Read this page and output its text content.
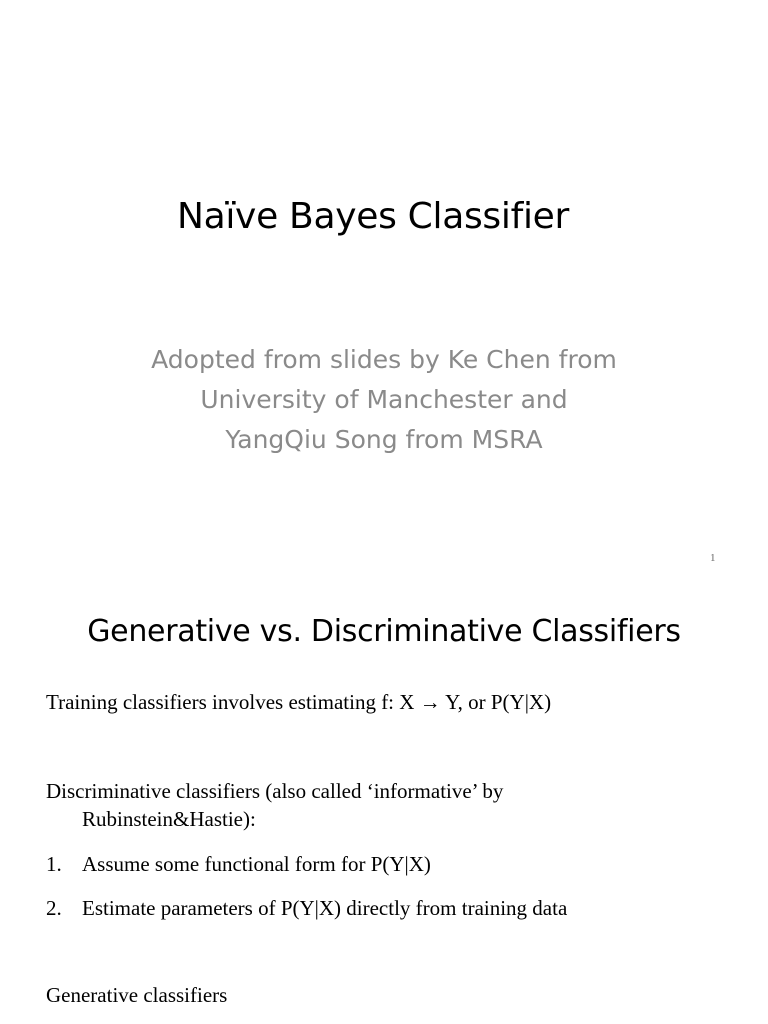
Naïve Bayes Classifier
Adopted from slides by Ke Chen from
University of Manchester and
YangQiu Song from MSRA
1
Generative vs. Discriminative Classifiers
Training classifiers involves estimating f: X → Y, or P(Y|X)
Discriminative classifiers (also called ‘informative’ by
Rubinstein&Hastie):
1. Assume some functional form for P(Y|X)
2. Estimate parameters of P(Y|X) directly from training data
Generative classifiers
